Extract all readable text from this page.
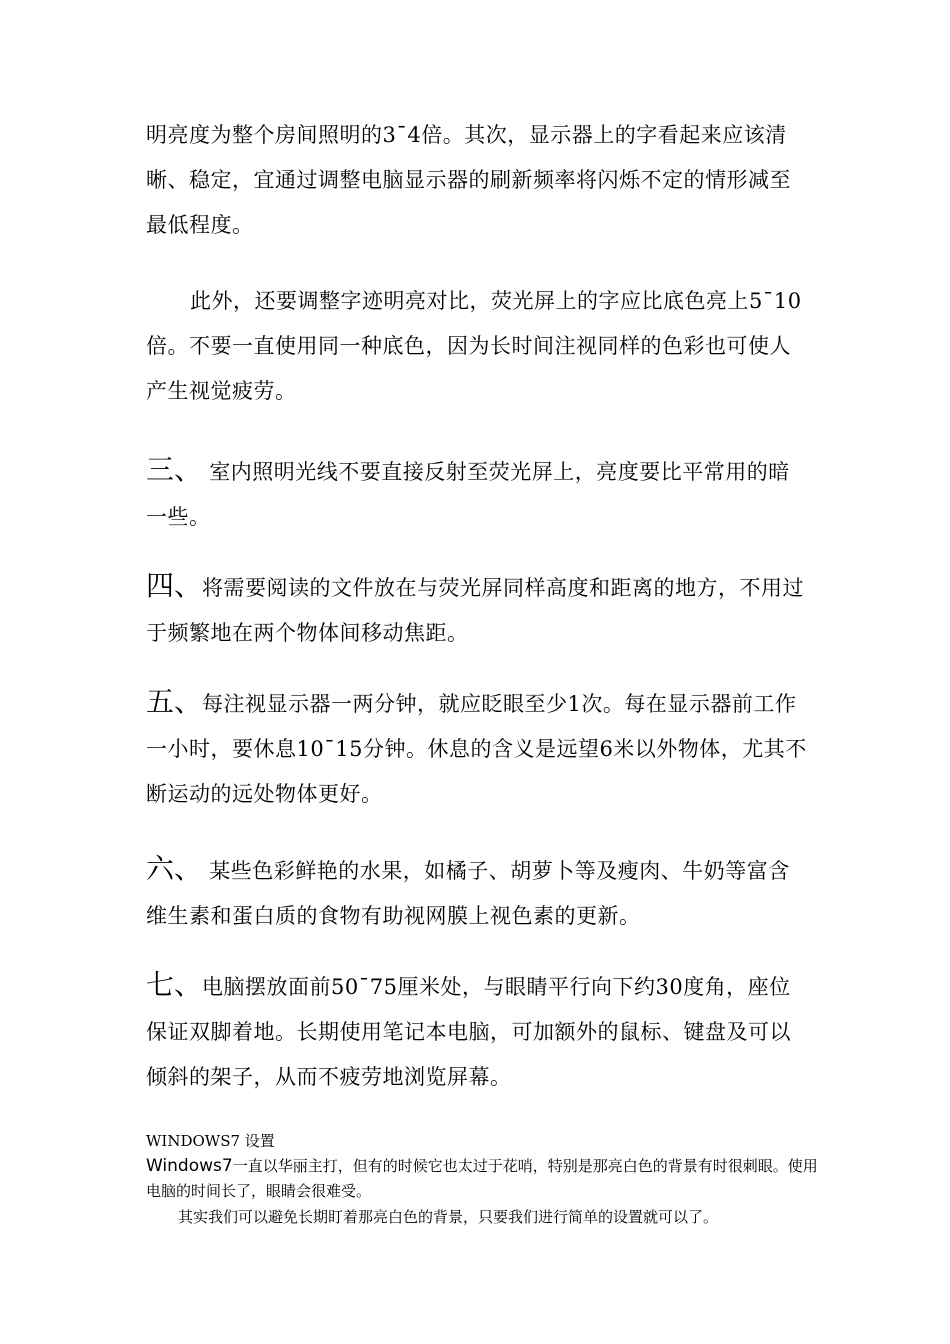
明亮度为整个房间照明的3¯4倍。其次，显示器上的字看起来应该清晰、稳定，宜通过调整电脑显示器的刷新频率将闪烁不定的情形减至最低程度。

此外，还要调整字迹明亮对比，荧光屏上的字应比底色亮上5¯10倍。不要一直使用同一种底色，因为长时间注视同样的色彩也可使人产生视觉疲劳。

三、 室内照明光线不要直接反射至荧光屏上，亮度要比平常用的暗一些。

四、将需要阅读的文件放在与荧光屏同样高度和距离的地方，不用过于频繁地在两个物体间移动焦距。

五、每注视显示器一两分钟，就应眨眼至少1次。每在显示器前工作一小时，要休息10¯15分钟。休息的含义是远望6米以外物体，尤其不断运动的远处物体更好。

六、 某些色彩鲜艳的水果，如橘子、胡萝卜等及瘦肉、牛奶等富含维生素和蛋白质的食物有助视网膜上视色素的更新。

七、电脑摆放面前50¯75厘米处，与眼睛平行向下约30度角，座位保证双脚着地。长期使用笔记本电脑，可加额外的鼠标、键盘及可以倾斜的架子，从而不疲劳地浏览屏幕。

WINDOWS7 设置

Windows7一直以华丽主打，但有的时候它也太过于花哨，特别是那亮白色的背景有时很刺眼。使用电脑的时间长了，眼睛会很难受。

其实我们可以避免长期盯着那亮白色的背景，只要我们进行简单的设置就可以了。
